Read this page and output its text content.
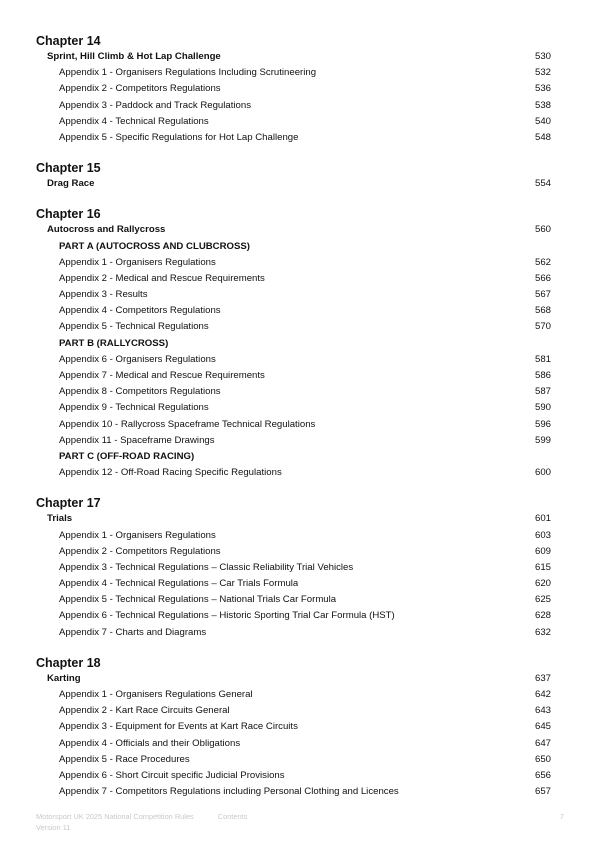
Chapter 14
Sprint, Hill Climb & Hot Lap Challenge	530
Appendix 1 - Organisers Regulations Including Scrutineering	532
Appendix 2 - Competitors Regulations	536
Appendix 3 - Paddock and Track Regulations	538
Appendix 4 - Technical Regulations	540
Appendix 5 - Specific Regulations for Hot Lap Challenge	548
Chapter 15
Drag Race	554
Chapter 16
Autocross and Rallycross	560
PART A (AUTOCROSS AND CLUBCROSS)
Appendix 1 - Organisers Regulations	562
Appendix 2 - Medical and Rescue Requirements	566
Appendix 3 - Results	567
Appendix 4 - Competitors Regulations	568
Appendix 5 - Technical Regulations	570
PART B (RALLYCROSS)
Appendix 6 - Organisers Regulations	581
Appendix 7 - Medical and Rescue Requirements	586
Appendix 8 - Competitors Regulations	587
Appendix 9 - Technical Regulations	590
Appendix 10 - Rallycross Spaceframe Technical Regulations	596
Appendix 11 - Spaceframe Drawings	599
PART C (OFF-ROAD RACING)
Appendix 12 - Off-Road Racing Specific Regulations	600
Chapter 17
Trials	601
Appendix 1 - Organisers Regulations	603
Appendix 2 - Competitors Regulations	609
Appendix 3 - Technical Regulations – Classic Reliability Trial Vehicles	615
Appendix 4 - Technical Regulations – Car Trials Formula	620
Appendix 5 - Technical Regulations – National Trials Car Formula	625
Appendix 6 - Technical Regulations – Historic Sporting Trial Car Formula (HST)	628
Appendix 7 - Charts and Diagrams	632
Chapter 18
Karting	637
Appendix 1 - Organisers Regulations General	642
Appendix 2 - Kart Race Circuits General	643
Appendix 3 - Equipment for Events at Kart Race Circuits	645
Appendix 4 - Officials and their Obligations	647
Appendix 5 - Race Procedures	650
Appendix 6 - Short Circuit specific Judicial Provisions	656
Appendix 7 - Competitors Regulations including Personal Clothing and Licences	657
Motorsport UK 2025 National Competition Rules	Contents
Version 11
7
